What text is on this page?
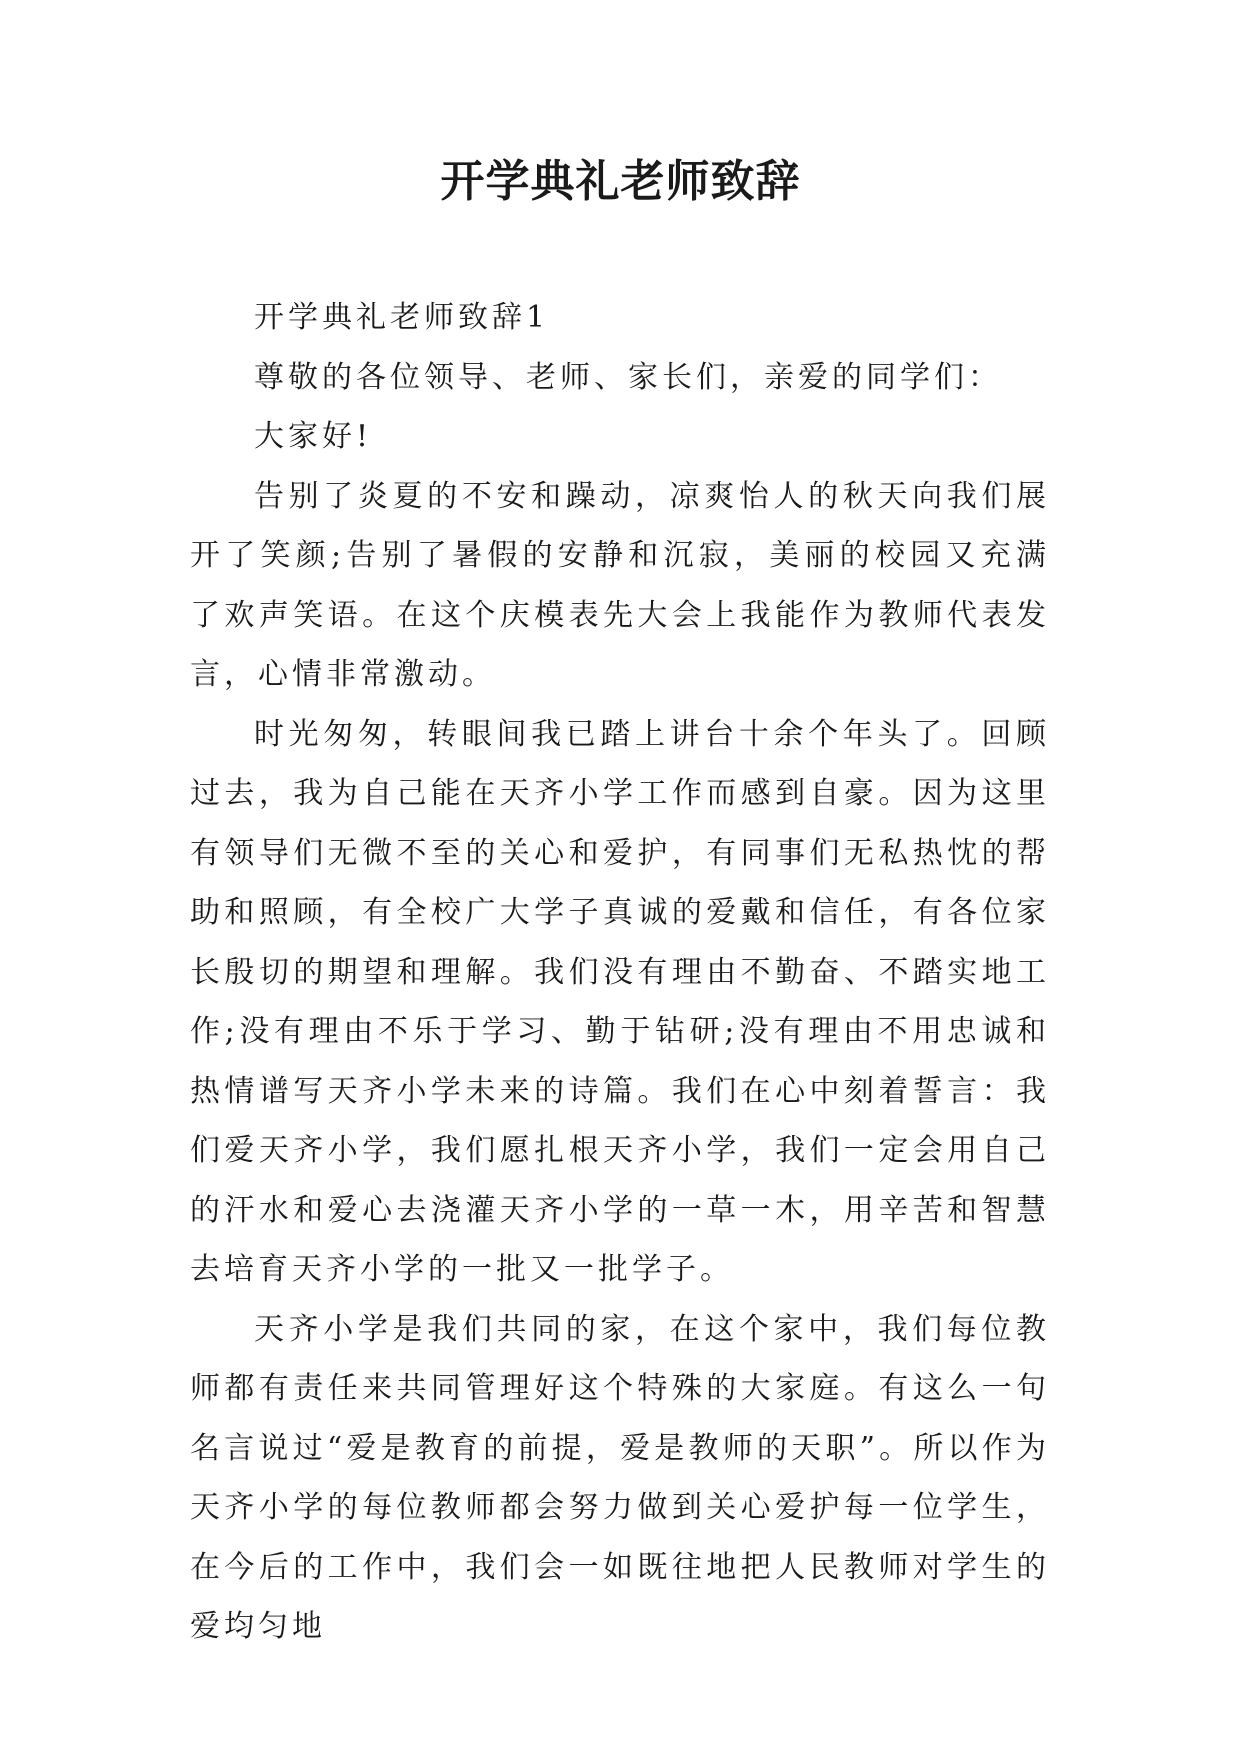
开学典礼老师致辞

开学典礼老师致辞1

尊敬的各位领导、老师、家长们，亲爱的同学们：

大家好!

告别了炎夏的不安和躁动，凉爽怡人的秋天向我们展开了笑颜;告别了暑假的安静和沉寂，美丽的校园又充满了欢声笑语。在这个庆模表先大会上我能作为教师代表发言，心情非常激动。

时光匆匆，转眼间我已踏上讲台十余个年头了。回顾过去，我为自己能在天齐小学工作而感到自豪。因为这里有领导们无微不至的关心和爱护，有同事们无私热忱的帮助和照顾，有全校广大学子真诚的爱戴和信任，有各位家长殷切的期望和理解。我们没有理由不勤奋、不踏实地工作;没有理由不乐于学习、勤于钻研;没有理由不用忠诚和热情谱写天齐小学未来的诗篇。我们在心中刻着誓言：我们爱天齐小学，我们愿扎根天齐小学，我们一定会用自己的汗水和爱心去浇灌天齐小学的一草一木，用辛苦和智慧去培育天齐小学的一批又一批学子。

天齐小学是我们共同的家，在这个家中，我们每位教师都有责任来共同管理好这个特殊的大家庭。有这么一句名言说过“爱是教育的前提，爱是教师的天职”。所以作为天齐小学的每位教师都会努力做到关心爱护每一位学生，在今后的工作中，我们会一如既往地把人民教师对学生的爱均匀地
